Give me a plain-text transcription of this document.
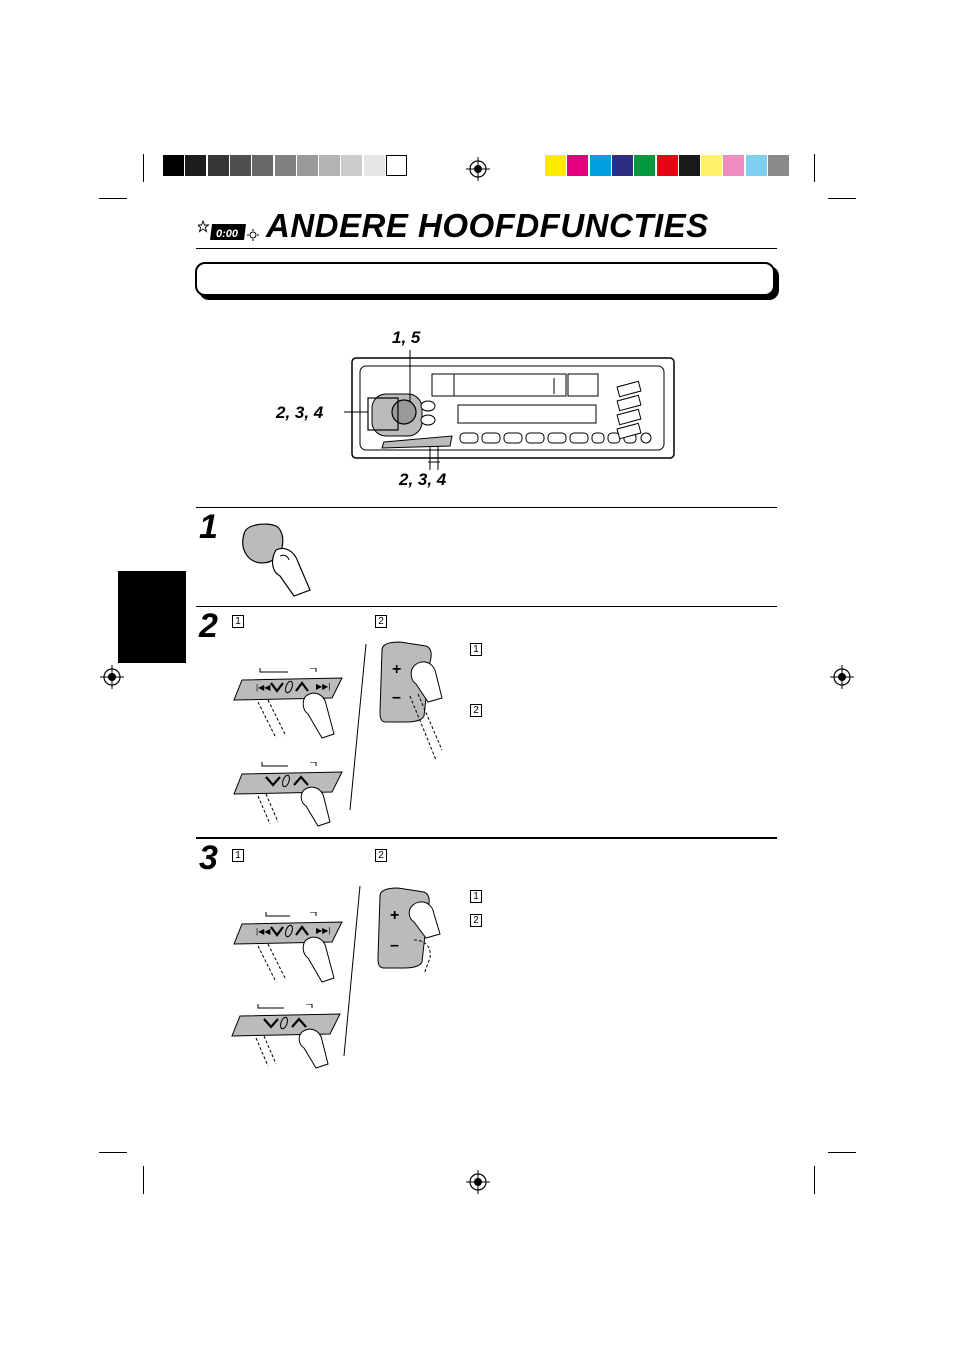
0:00 ANDERE HOOFDFUNCTIES
1, 5
2, 3, 4
2, 3, 4
1
2	1	2
1
2
|◀◀	▶▶|
+
–
3	1	2
1
2
|◀◀	▶▶|
+
–
